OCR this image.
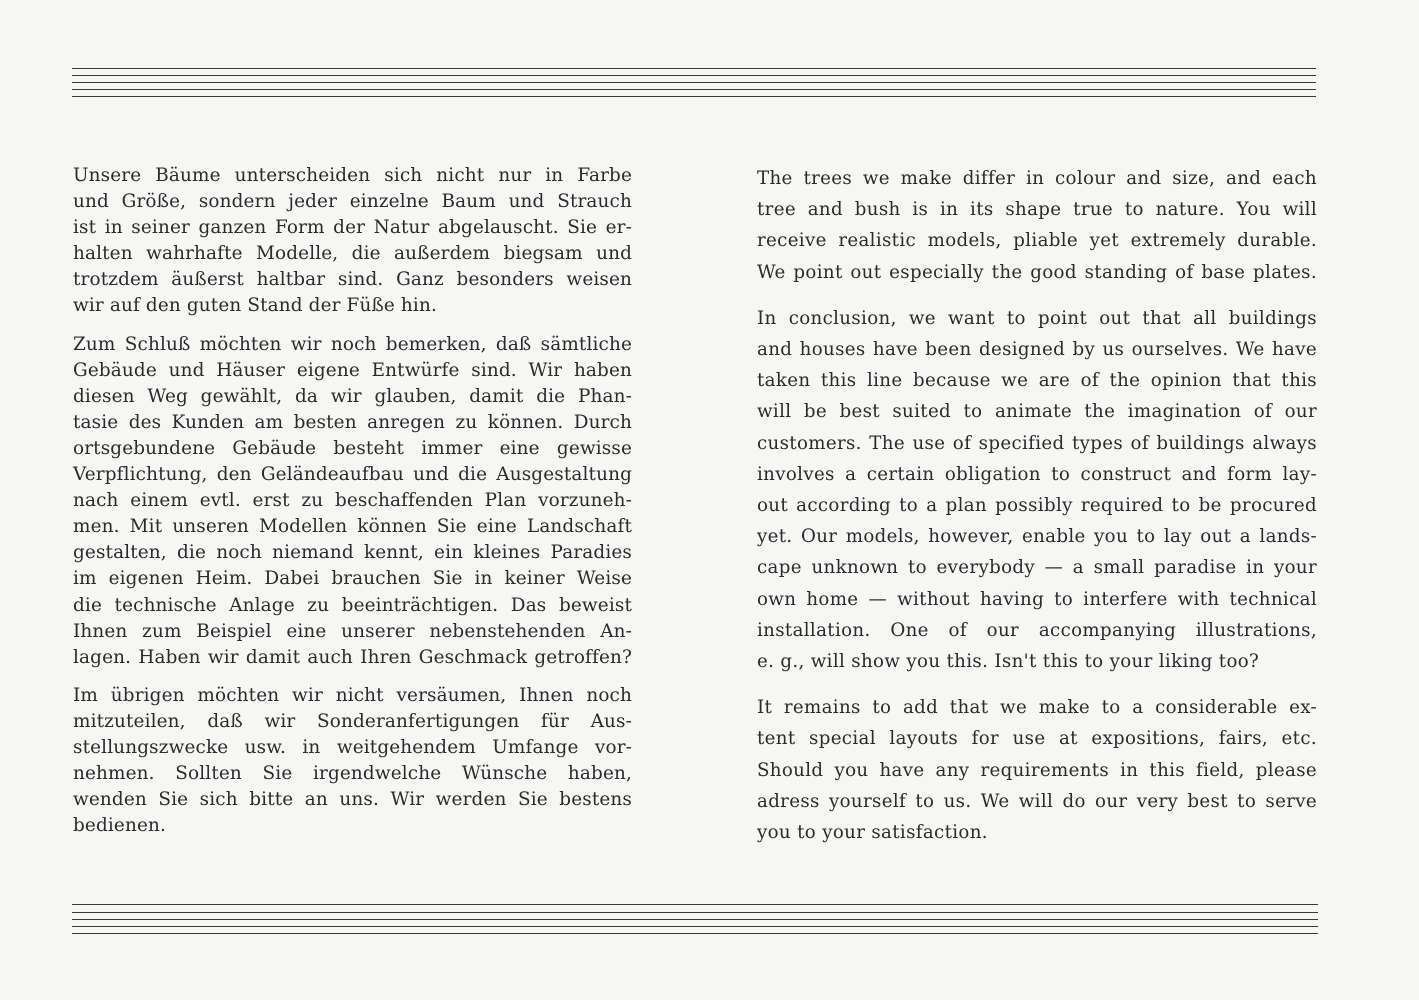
Unsere Bäume unterscheiden sich nicht nur in Farbe
und Größe, sondern jeder einzelne Baum und Strauch
ist in seiner ganzen Form der Natur abgelauscht. Sie er-
halten wahrhafte Modelle, die außerdem biegsam und
trotzdem äußerst haltbar sind. Ganz besonders weisen
wir auf den guten Stand der Füße hin.

Zum Schluß möchten wir noch bemerken, daß sämtliche
Gebäude und Häuser eigene Entwürfe sind. Wir haben
diesen Weg gewählt, da wir glauben, damit die Phan-
tasie des Kunden am besten anregen zu können. Durch
ortsgebundene Gebäude besteht immer eine gewisse
Verpflichtung, den Geländeaufbau und die Ausgestaltung
nach einem evtl. erst zu beschaffenden Plan vorzuneh-
men. Mit unseren Modellen können Sie eine Landschaft
gestalten, die noch niemand kennt, ein kleines Paradies
im eigenen Heim. Dabei brauchen Sie in keiner Weise
die technische Anlage zu beeinträchtigen. Das beweist
Ihnen zum Beispiel eine unserer nebenstehenden An-
lagen. Haben wir damit auch Ihren Geschmack getroffen?

Im übrigen möchten wir nicht versäumen, Ihnen noch
mitzuteilen, daß wir Sonderanfertigungen für Aus-
stellungszwecke usw. in weitgehendem Umfange vor-
nehmen. Sollten Sie irgendwelche Wünsche haben,
wenden Sie sich bitte an uns. Wir werden Sie bestens
bedienen.

The trees we make differ in colour and size, and each
tree and bush is in its shape true to nature. You will
receive realistic models, pliable yet extremely durable.
We point out especially the good standing of base plates.

In conclusion, we want to point out that all buildings
and houses have been designed by us ourselves. We have
taken this line because we are of the opinion that this
will be best suited to animate the imagination of our
customers. The use of specified types of buildings always
involves a certain obligation to construct and form lay-
out according to a plan possibly required to be procured
yet. Our models, however, enable you to lay out a lands-
cape unknown to everybody — a small paradise in your
own home — without having to interfere with technical
installation. One of our accompanying illustrations,
e. g., will show you this. Isn't this to your liking too?

It remains to add that we make to a considerable ex-
tent special layouts for use at expositions, fairs, etc.
Should you have any requirements in this field, please
adress yourself to us. We will do our very best to serve
you to your satisfaction.
